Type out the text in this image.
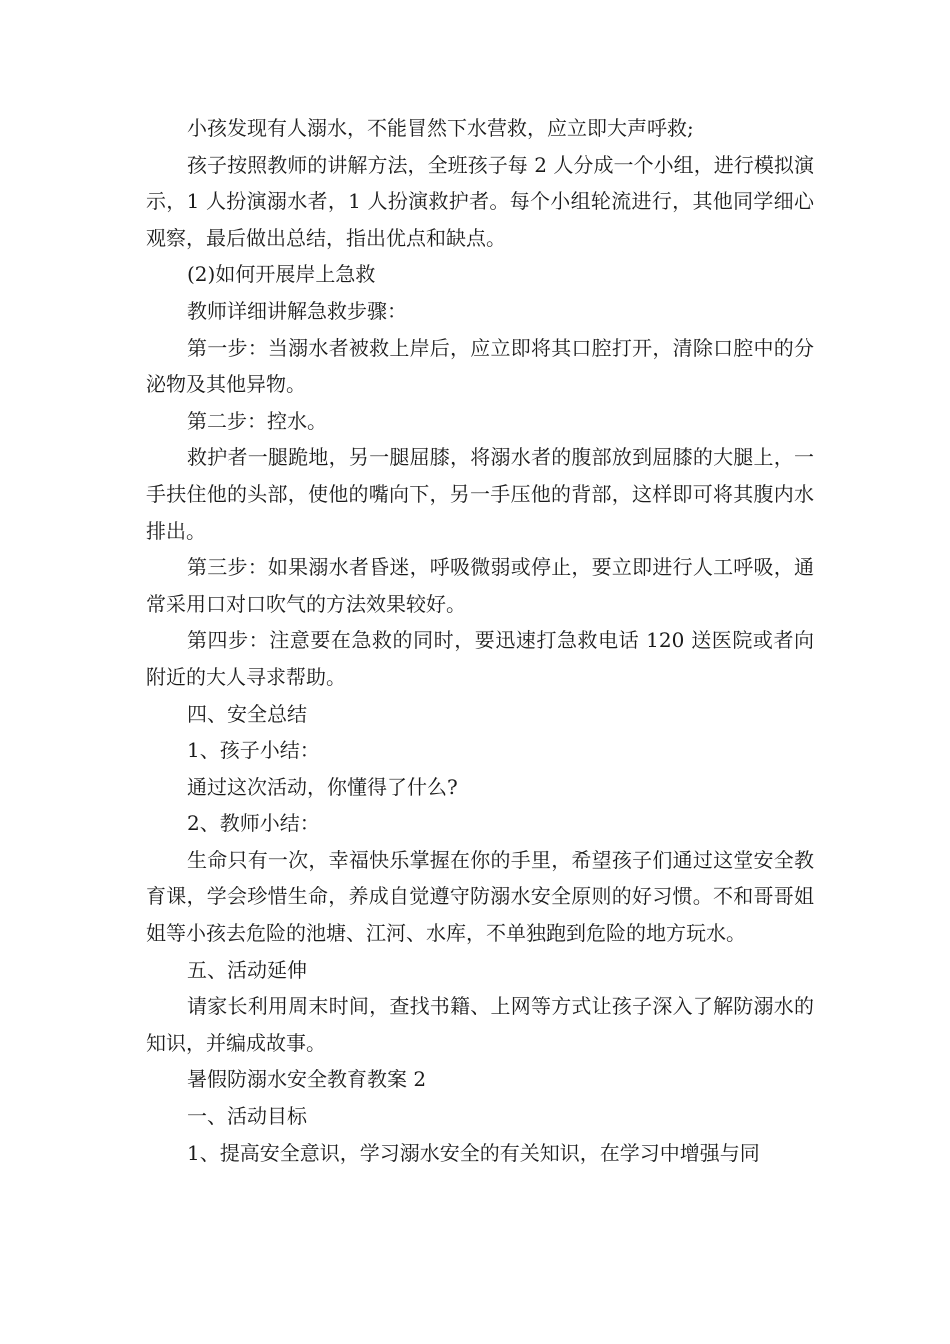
小孩发现有人溺水，不能冒然下水营救，应立即大声呼救;

孩子按照教师的讲解方法，全班孩子每 2 人分成一个小组，进行模拟演示，1 人扮演溺水者，1 人扮演救护者。每个小组轮流进行，其他同学细心观察，最后做出总结，指出优点和缺点。

(2)如何开展岸上急救

教师详细讲解急救步骤：

第一步：当溺水者被救上岸后，应立即将其口腔打开，清除口腔中的分泌物及其他异物。

第二步：控水。

救护者一腿跪地，另一腿屈膝，将溺水者的腹部放到屈膝的大腿上，一手扶住他的头部，使他的嘴向下，另一手压他的背部，这样即可将其腹内水排出。

第三步：如果溺水者昏迷，呼吸微弱或停止，要立即进行人工呼吸，通常采用口对口吹气的方法效果较好。

第四步：注意要在急救的同时，要迅速打急救电话 120 送医院或者向附近的大人寻求帮助。

四、安全总结

1、孩子小结：

通过这次活动，你懂得了什么?

2、教师小结：

生命只有一次，幸福快乐掌握在你的手里，希望孩子们通过这堂安全教育课，学会珍惜生命，养成自觉遵守防溺水安全原则的好习惯。不和哥哥姐姐等小孩去危险的池塘、江河、水库，不单独跑到危险的地方玩水。

五、活动延伸

请家长利用周末时间，查找书籍、上网等方式让孩子深入了解防溺水的知识，并编成故事。

暑假防溺水安全教育教案 2

一、活动目标

1、提高安全意识，学习溺水安全的有关知识，在学习中增强与同
